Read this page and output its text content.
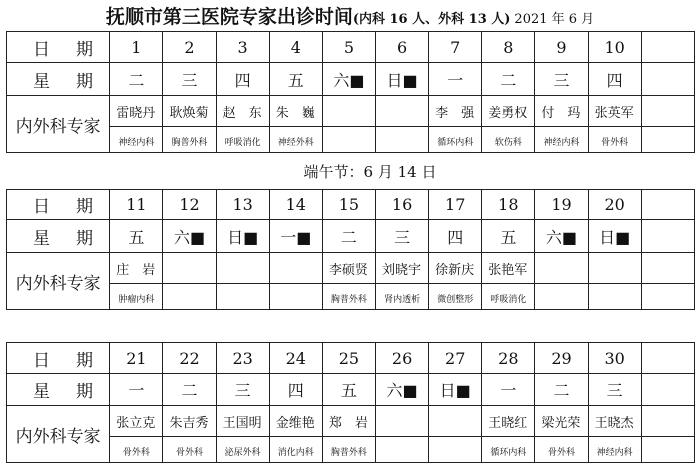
抚顺市第三医院专家出诊时间(内科 16 人、外科 13 人) 2021 年 6 月
日期	1	2	3	4	5	6	7	8	9	10	
星期	二	三	四	五	六■	日■	一	二	三	四	
内外科专家	雷晓丹	耿焕菊	赵　东	朱　巍			李　强	姜勇权	付　玛	张英军	

	神经内科	胸普外科	呼吸消化	神经外科			循环内科	软伤科	神经内科	骨外科	
端午节：6 月 14 日
日期	11	12	13	14	15	16	17	18	19	20	
星期	五	六■	日■	一■	二	三	四	五	六■	日■	
内外科专家	庄　岩				李硕贤	刘晓宇	徐新庆	张艳军			

	肿瘤内科				胸普外科	肾内透析	微创整形	呼吸消化			
日期	21	22	23	24	25	26	27	28	29	30	
星期	一	二	三	四	五	六■	日■	一	二	三	
内外科专家	张立克	朱吉秀	王国明	金维艳	郑　岩			王晓红	梁光荣	王晓杰	

	骨外科	骨外科	泌尿外科	消化内科	胸普外科			循环内科	骨外科	神经内科	
